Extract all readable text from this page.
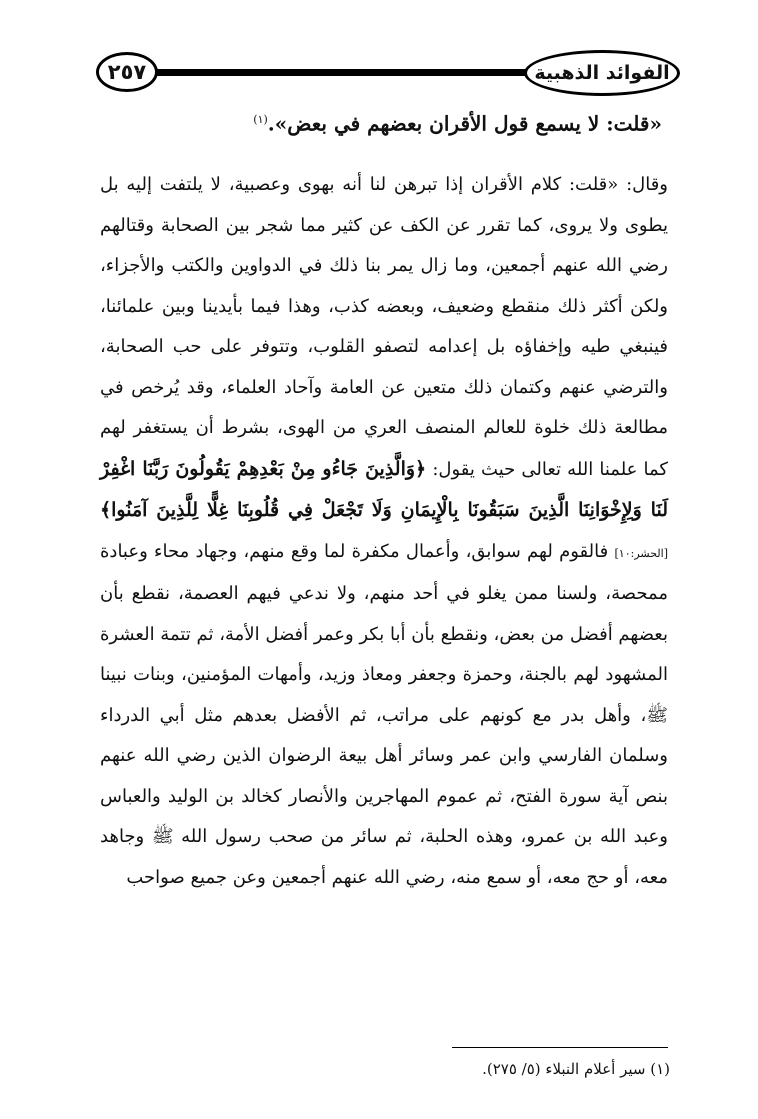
٢٥٧	الفوائد الذهبية
«قلت: لا يسمع قول الأقران بعضهم في بعض».$^{(١)}$

وقال: «قلت: كلام الأقران إذا تبرهن لنا أنه بهوى وعصبية، لا يلتفت إليه بل يطوى ولا يروى، كما تقرر عن الكف عن كثير مما شجر بين الصحابة وقتالهم رضي الله عنهم أجمعين، وما زال يمر بنا ذلك في الدواوين والكتب والأجزاء، ولكن أكثر ذلك منقطع وضعيف، وبعضه كذب، وهذا فيما بأيدينا وبين علمائنا، فينبغي طيه وإخفاؤه بل إعدامه لتصفو القلوب، وتتوفر على حب الصحابة، والترضي عنهم وكتمان ذلك متعين عن العامة وآحاد العلماء، وقد يُرخص في مطالعة ذلك خلوة للعالم المنصف العري من الهوى، بشرط أن يستغفر لهم كما علمنا الله تعالى حيث يقول: ﴿وَالَّذِينَ جَاءُو مِنْ بَعْدِهِمْ يَقُولُونَ رَبَّنَا اغْفِرْ لَنَا وَلِإِخْوَانِنَا الَّذِينَ سَبَقُونَا بِالْإِيمَانِ وَلَا تَجْعَلْ فِي قُلُوبِنَا غِلًّا لِلَّذِينَ آمَنُوا﴾ [الحشر:١٠] فالقوم لهم سوابق، وأعمال مكفرة لما وقع منهم، وجهاد محاء وعبادة ممحصة، ولسنا ممن يغلو في أحد منهم، ولا ندعي فيهم العصمة، نقطع بأن بعضهم أفضل من بعض، ونقطع بأن أبا بكر وعمر أفضل الأمة، ثم تتمة العشرة المشهود لهم بالجنة، وحمزة وجعفر ومعاذ وزيد، وأمهات المؤمنين، وبنات نبينا ﷺ، وأهل بدر مع كونهم على مراتب، ثم الأفضل بعدهم مثل أبي الدرداء وسلمان الفارسي وابن عمر وسائر أهل بيعة الرضوان الذين رضي الله عنهم بنص آية سورة الفتح، ثم عموم المهاجرين والأنصار كخالد بن الوليد والعباس وعبد الله بن عمرو، وهذه الحلبة، ثم سائر من صحب رسول الله ﷺ وجاهد معه، أو حج معه، أو سمع منه، رضي الله عنهم أجمعين وعن جميع صواحب

(١) سير أعلام النبلاء (٥/ ٢٧٥).
